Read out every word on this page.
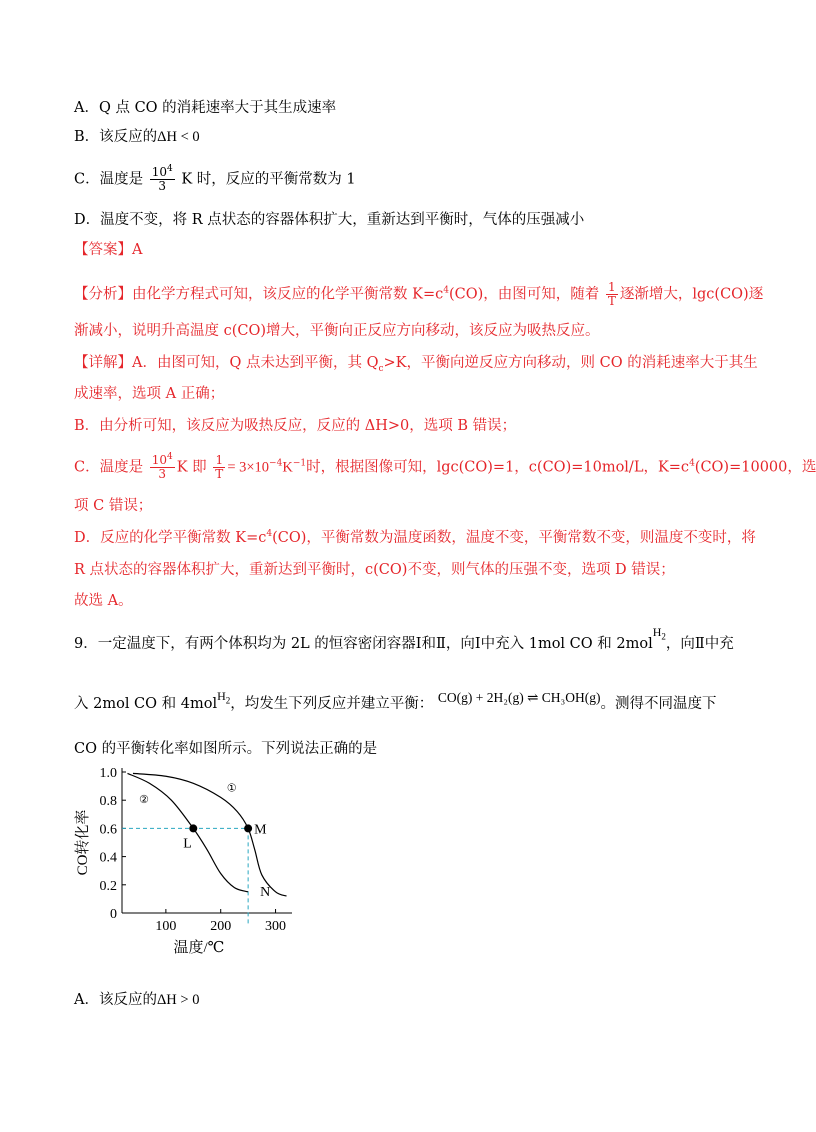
A．Q 点 CO 的消耗速率大于其生成速率
B．该反应的ΔH < 0
C．温度是 $\frac{10^4}{3}$ K 时，反应的平衡常数为 1
D．温度不变，将 R 点状态的容器体积扩大，重新达到平衡时，气体的压强减小
【答案】A
【分析】由化学方程式可知，该反应的化学平衡常数 $K=c^4(CO)$，由图可知，随着 $\frac{1}{T}$ 逐渐增大，lgc(CO)逐
渐减小，说明升高温度 c(CO)增大，平衡向正反应方向移动，该反应为吸热反应。
【详解】A．由图可知，Q 点未达到平衡，其 $Q_c>K$，平衡向逆反应方向移动，则 CO 的消耗速率大于其生
成速率，选项 A 正确；
B．由分析可知，该反应为吸热反应，反应的 ΔH>0，选项 B 错误；
C．温度是 $\frac{10^4}{3}$ K 即 $\frac{1}{T} = 3\times 10^{-4}K^{-1}$时，根据图像可知，lgc(CO)=1，c(CO)=10mol/L，$K=c^4(CO)=10000$，选
项 C 错误；
D．反应的化学平衡常数 $K=c^4(CO)$，平衡常数为温度函数，温度不变，平衡常数不变，则温度不变时，将
R 点状态的容器体积扩大，重新达到平衡时，c(CO)不变，则气体的压强不变，选项 D 错误；
故选 A。
9．一定温度下，有两个体积均为 2L 的恒容密闭容器Ⅰ和Ⅱ，向Ⅰ中充入 1mol CO 和 2mol$^{H_2}$，向Ⅱ中充
入 2mol CO 和 4mol$^{H_2}$，均发生下列反应并建立平衡： CO(g) + 2H₂(g) ⇌ CH₃OH(g)。测得不同温度下
CO 的平衡转化率如图所示。下列说法正确的是
0
0.2
0.4
0.6
0.8
1.0
100 200 300
CO转化率
温度/℃
①
②
L
M
N
A．该反应的ΔH > 0
